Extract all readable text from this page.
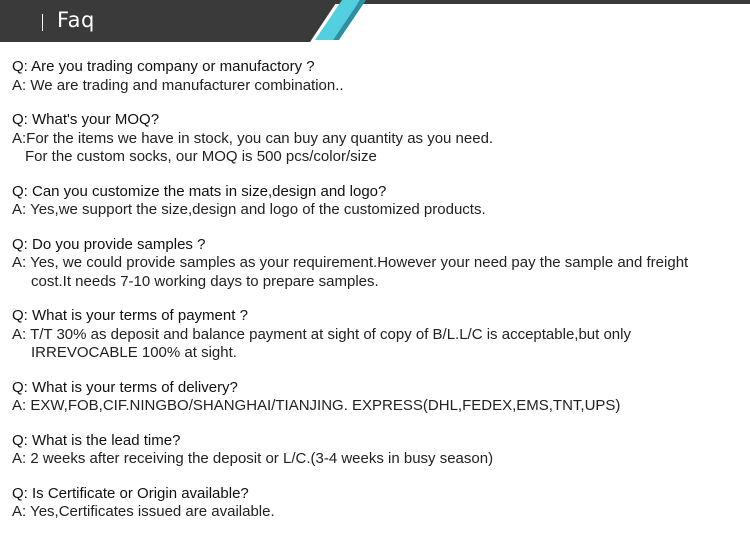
Faq
Q: Are you trading company or manufactory ?
A: We are trading and manufacturer combination..
Q: What's your MOQ?
A:For the items we have in stock, you can buy any quantity as you need.
For the custom socks, our MOQ is 500 pcs/color/size
Q: Can you customize the mats in size,design and logo?
A: Yes,we support the size,design and logo of the customized products.
Q: Do you provide samples ?
A: Yes, we could provide samples as your requirement.However your need pay the sample and freight
cost.It needs 7-10 working days to prepare samples.
Q: What is your terms of payment ?
A: T/T 30% as deposit and balance payment at sight of copy of B/L.L/C is acceptable,but only
IRREVOCABLE 100% at sight.
Q: What is your terms of delivery?
A: EXW,FOB,CIF.NINGBO/SHANGHAI/TIANJING. EXPRESS(DHL,FEDEX,EMS,TNT,UPS)
Q: What is the lead time?
A: 2 weeks after receiving the deposit or L/C.(3-4 weeks in busy season)
Q: Is Certificate or Origin available?
A: Yes,Certificates issued are available.
